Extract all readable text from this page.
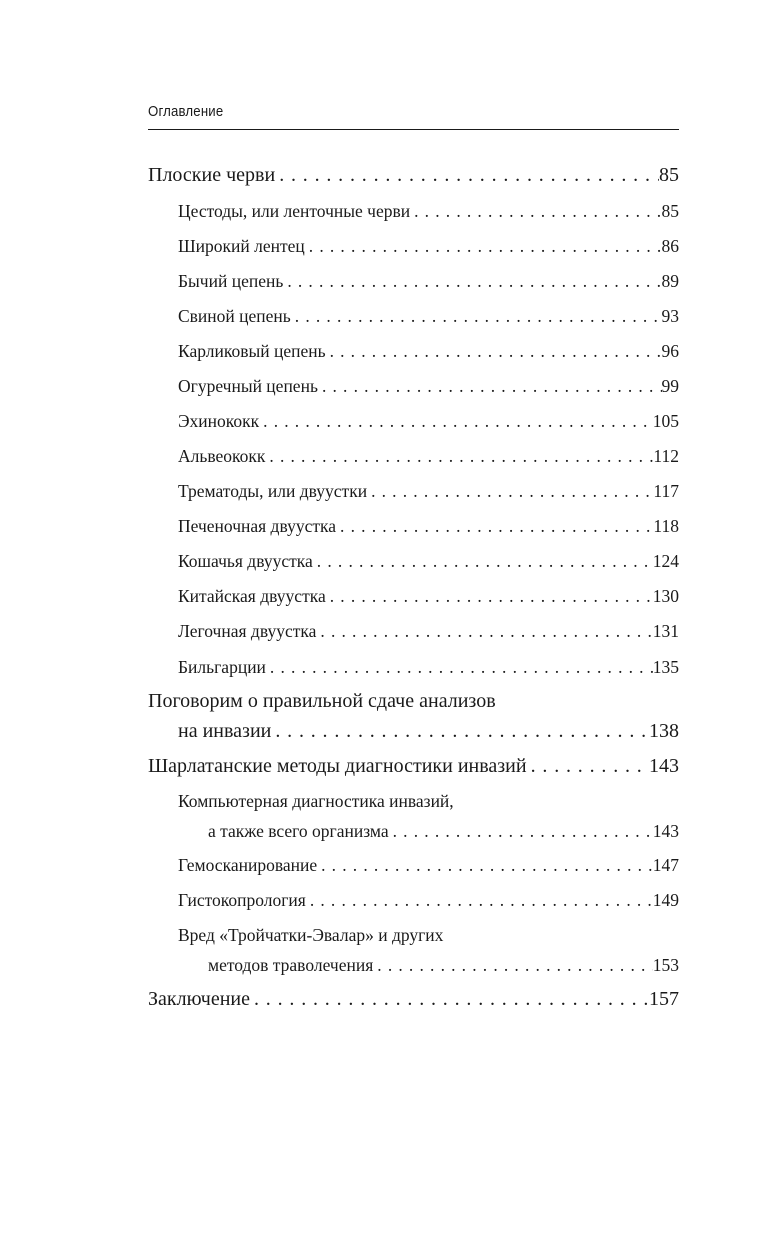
Оглавление
Плоские черви . . .	85
Цестоды, или ленточные черви . . .	85
Широкий лентец . . .	86
Бычий цепень . . .	89
Свиной цепень . . .	93
Карликовый цепень . . .	96
Огуречный цепень . . .	99
Эхинококк . . .	105
Альвеококк . . .	112
Трематоды, или двуустки . . .	117
Печеночная двуустка . . .	118
Кошачья двуустка . . .	124
Китайская двуустка . . .	130
Легочная двуустка . . .	131
Бильгарции . . .	135
Поговорим о правильной сдаче анализов
на инвазии . . .	138
Шарлатанские методы диагностики инвазий . . .	143
Компьютерная диагностика инвазий,
а также всего организма . . .	143
Гемосканирование . . .	147
Гистокопрология . . .	149
Вред «Тройчатки-Эвалар» и других
методов траволечения . . .	153
Заключение . . .	157
